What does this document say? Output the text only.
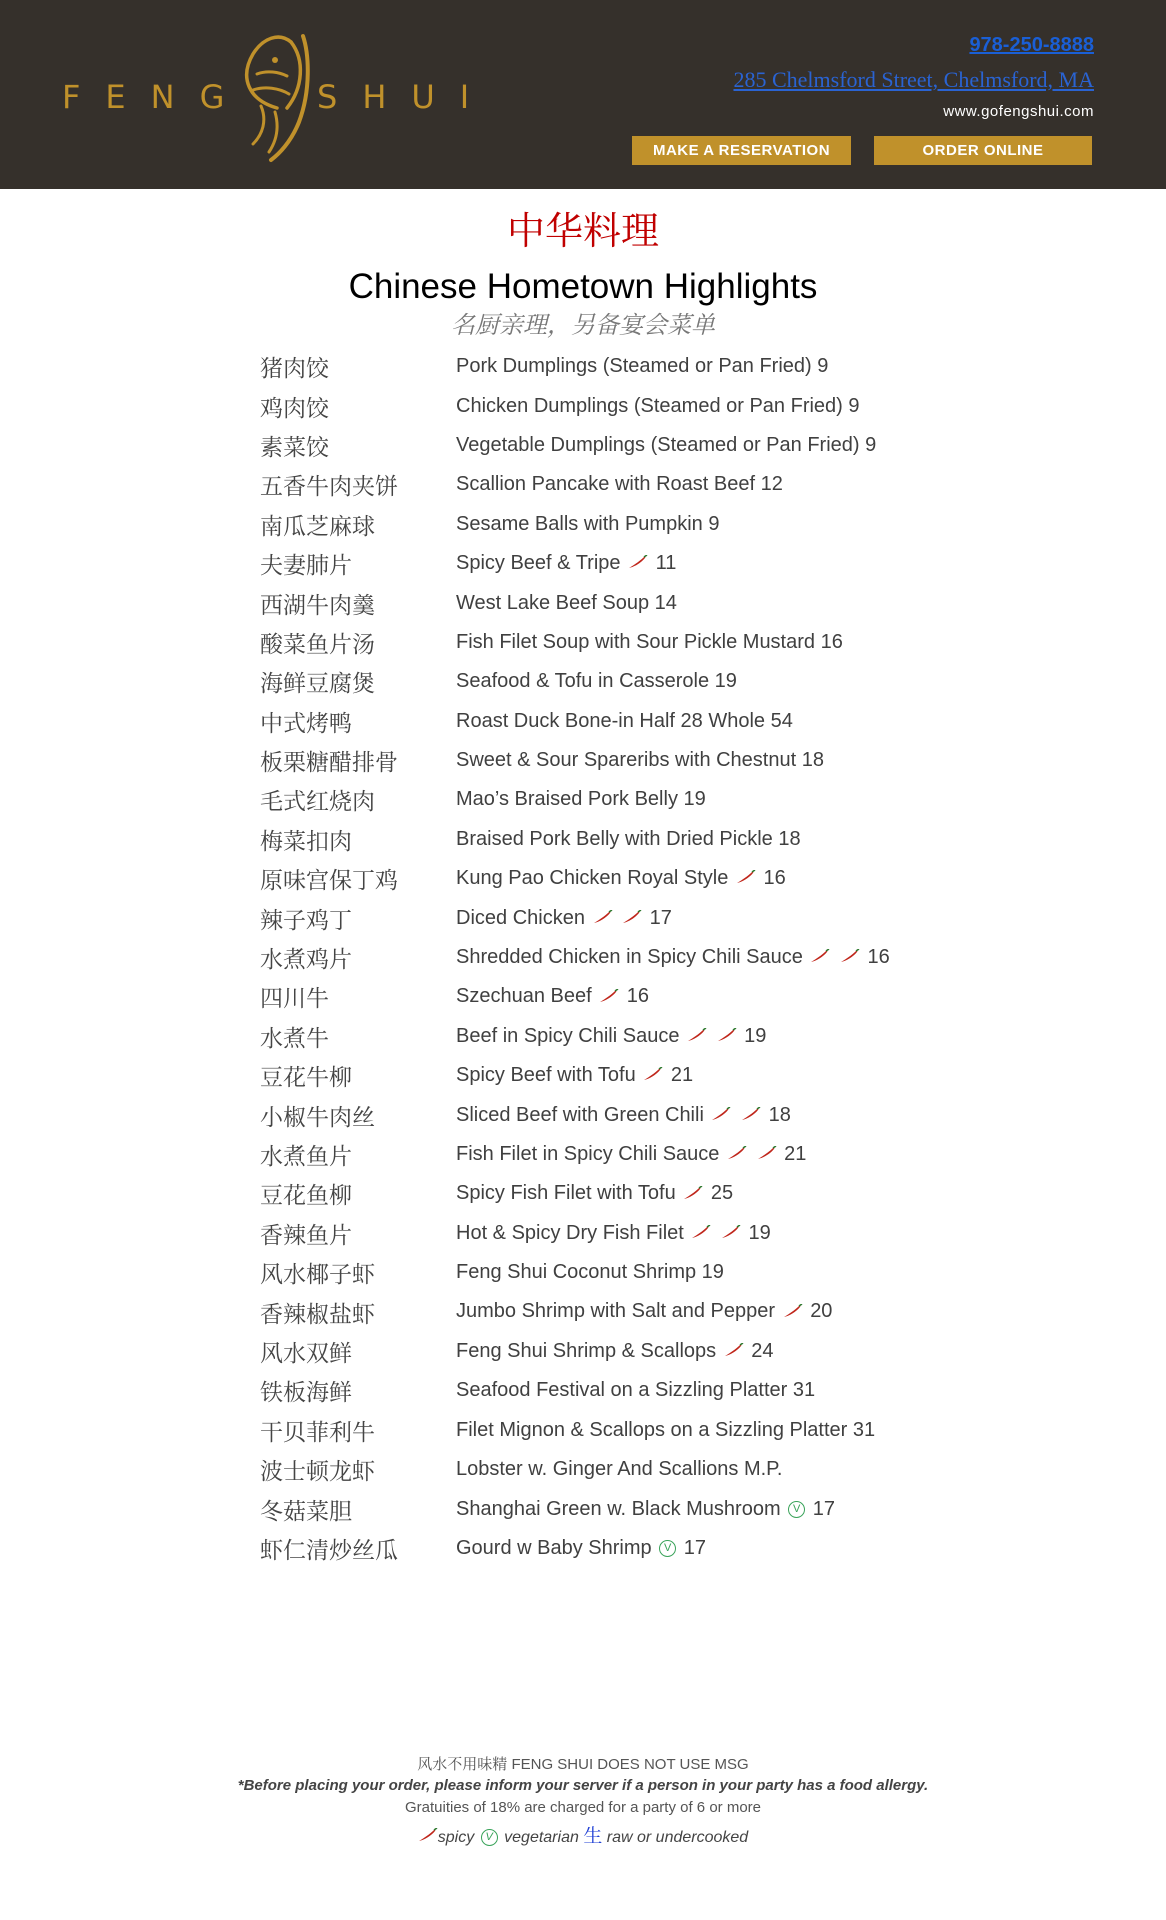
FENG SHUI
978-250-8888
285 Chelmsford Street, Chelmsford, MA
www.gofengshui.com
MAKE A RESERVATION	ORDER ONLINE
中华料理
Chinese Hometown Highlights
名厨亲理，另备宴会菜单
猪肉饺	Pork Dumplings (Steamed or Pan Fried) 9
鸡肉饺	Chicken Dumplings (Steamed or Pan Fried) 9
素菜饺	Vegetable Dumplings (Steamed or Pan Fried) 9
五香牛肉夹饼	Scallion Pancake with Roast Beef 12
南瓜芝麻球	Sesame Balls with Pumpkin 9
夫妻肺片	Spicy Beef & Tripe 11
西湖牛肉羹	West Lake Beef Soup 14
酸菜鱼片汤	Fish Filet Soup with Sour Pickle Mustard 16
海鲜豆腐煲	Seafood & Tofu in Casserole 19
中式烤鸭	Roast Duck Bone-in Half 28 Whole 54
板栗糖醋排骨	Sweet & Sour Spareribs with Chestnut 18
毛式红烧肉	Mao’s Braised Pork Belly 19
梅菜扣肉	Braised Pork Belly with Dried Pickle 18
原味宫保丁鸡	Kung Pao Chicken Royal Style 16
辣子鸡丁	Diced Chicken	17
水煮鸡片	Shredded Chicken in Spicy Chili Sauce	16
四川牛	Szechuan Beef 16
水煮牛	Beef in Spicy Chili Sauce	19
豆花牛柳	Spicy Beef with Tofu 21
小椒牛肉丝	Sliced Beef with Green Chili	18
水煮鱼片	Fish Filet in Spicy Chili Sauce	21
豆花鱼柳	Spicy Fish Filet with Tofu 25
香辣鱼片	Hot & Spicy Dry Fish Filet	19
风水椰子虾	Feng Shui Coconut Shrimp 19
香辣椒盐虾	Jumbo Shrimp with Salt and Pepper 20
风水双鲜	Feng Shui Shrimp & Scallops 24
铁板海鲜	Seafood Festival on a Sizzling Platter 31
干贝菲利牛	Filet Mignon & Scallops on a Sizzling Platter 31
波士顿龙虾	Lobster w. Ginger And Scallions M.P.
冬菇菜胆	Shanghai Green w. Black Mushroom V 17
虾仁清炒丝瓜	Gourd w Baby Shrimp V 17
风水不用味精 FENG SHUI DOES NOT USE MSG
*Before placing your order, please inform your server if a person in your party has a food allergy.
Gratuities of 18% are charged for a party of 6 or more
spicy V vegetarian 生 raw or undercooked
